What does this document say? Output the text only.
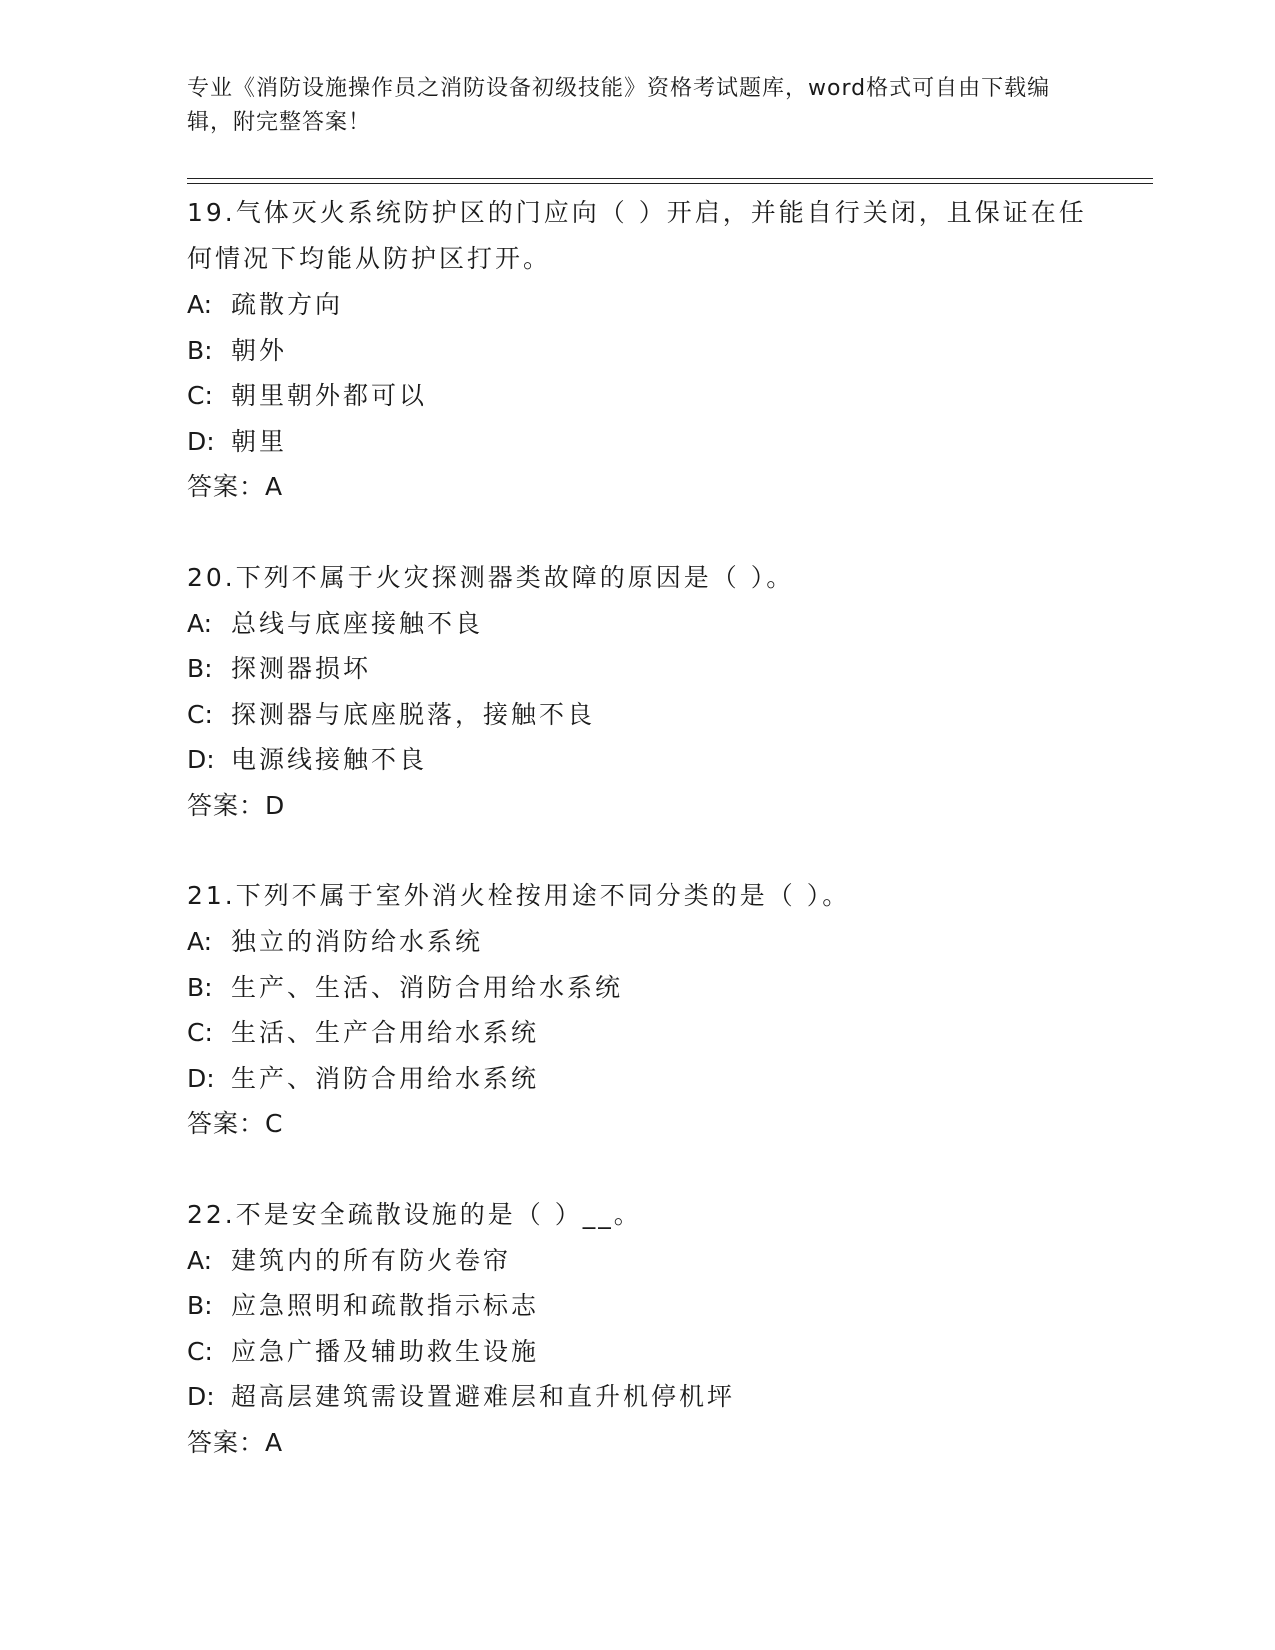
专业《消防设施操作员之消防设备初级技能》资格考试题库，word格式可自由下载编辑，附完整答案！
19.气体灭火系统防护区的门应向（ ）开启，并能自行关闭，且保证在任何情况下均能从防护区打开。
A: 疏散方向
B: 朝外
C: 朝里朝外都可以
D: 朝里
答案：A
20.下列不属于火灾探测器类故障的原因是（ ）。
A: 总线与底座接触不良
B: 探测器损坏
C: 探测器与底座脱落，接触不良
D: 电源线接触不良
答案：D
21.下列不属于室外消火栓按用途不同分类的是（ ）。
A: 独立的消防给水系统
B: 生产、生活、消防合用给水系统
C: 生活、生产合用给水系统
D: 生产、消防合用给水系统
答案：C
22.不是安全疏散设施的是（ ）__。
A: 建筑内的所有防火卷帘
B: 应急照明和疏散指示标志
C: 应急广播及辅助救生设施
D: 超高层建筑需设置避难层和直升机停机坪
答案：A
